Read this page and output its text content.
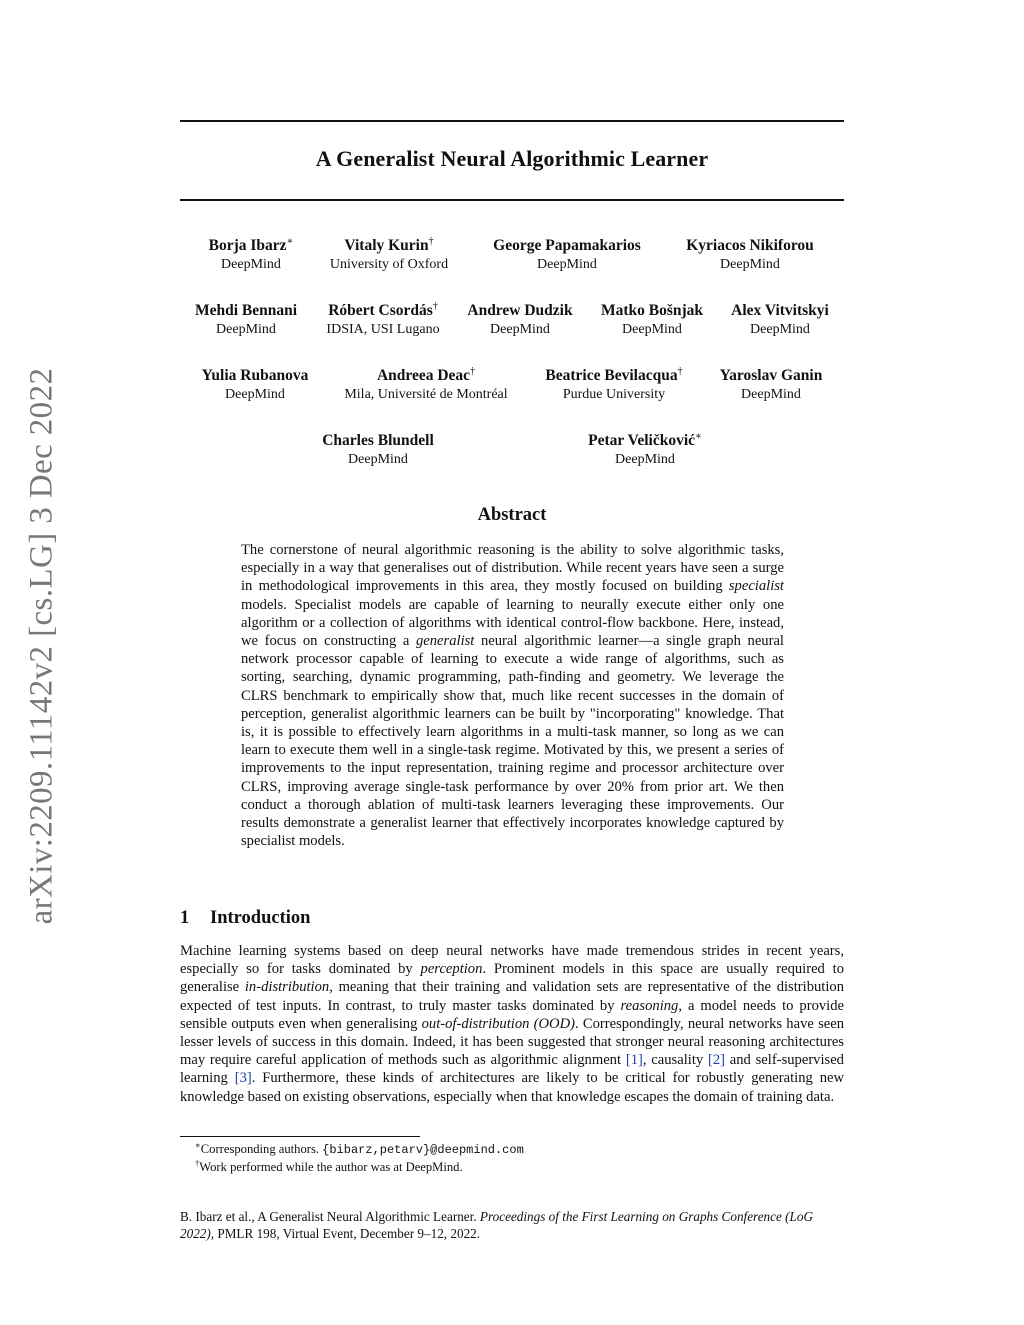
arXiv:2209.11142v2 [cs.LG] 3 Dec 2022
A Generalist Neural Algorithmic Learner
Borja Ibarz∗
DeepMind
Vitaly Kurin†
University of Oxford
George Papamakarios
DeepMind
Kyriacos Nikiforou
DeepMind
Mehdi Bennani
DeepMind
Róbert Csordás†
IDSIA, USI Lugano
Andrew Dudzik
DeepMind
Matko Bošnjak
DeepMind
Alex Vitvitskyi
DeepMind
Yulia Rubanova
DeepMind
Andreea Deac†
Mila, Université de Montréal
Beatrice Bevilacqua†
Purdue University
Yaroslav Ganin
DeepMind
Charles Blundell
DeepMind
Petar Veličković∗
DeepMind
Abstract
The cornerstone of neural algorithmic reasoning is the ability to solve algorithmic tasks, especially in a way that generalises out of distribution. While recent years have seen a surge in methodological improvements in this area, they mostly focused on building specialist models. Specialist models are capable of learning to neurally execute either only one algorithm or a collection of algorithms with identical control-flow backbone. Here, instead, we focus on constructing a generalist neural algorithmic learner—a single graph neural network processor capable of learning to execute a wide range of algorithms, such as sorting, searching, dynamic programming, path-finding and geometry. We leverage the CLRS benchmark to empirically show that, much like recent successes in the domain of perception, generalist algorithmic learners can be built by "incorporating" knowledge. That is, it is possible to effectively learn algorithms in a multi-task manner, so long as we can learn to execute them well in a single-task regime. Motivated by this, we present a series of improvements to the input representation, training regime and processor architecture over CLRS, improving average single-task performance by over 20% from prior art. We then conduct a thorough ablation of multi-task learners leveraging these improvements. Our results demonstrate a generalist learner that effectively incorporates knowledge captured by specialist models.
1 Introduction
Machine learning systems based on deep neural networks have made tremendous strides in recent years, especially so for tasks dominated by perception. Prominent models in this space are usually required to generalise in-distribution, meaning that their training and validation sets are representative of the distribution expected of test inputs. In contrast, to truly master tasks dominated by reasoning, a model needs to provide sensible outputs even when generalising out-of-distribution (OOD). Correspondingly, neural networks have seen lesser levels of success in this domain. Indeed, it has been suggested that stronger neural reasoning architectures may require careful application of methods such as algorithmic alignment [1], causality [2] and self-supervised learning [3]. Furthermore, these kinds of architectures are likely to be critical for robustly generating new knowledge based on existing observations, especially when that knowledge escapes the domain of training data.
∗Corresponding authors. {bibarz,petarv}@deepmind.com
†Work performed while the author was at DeepMind.
B. Ibarz et al., A Generalist Neural Algorithmic Learner. Proceedings of the First Learning on Graphs Conference (LoG 2022), PMLR 198, Virtual Event, December 9–12, 2022.
